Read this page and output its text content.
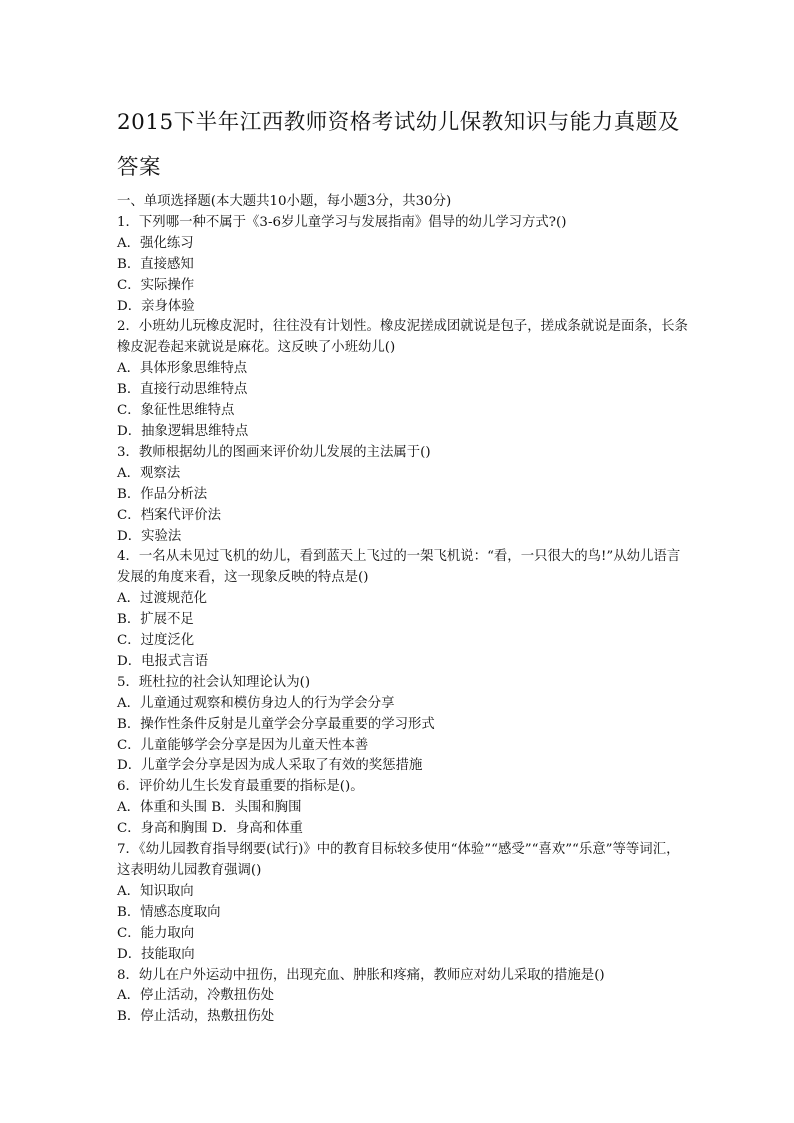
2015下半年江西教师资格考试幼儿保教知识与能力真题及
答案
一、单项选择题(本大题共10小题，每小题3分，共30分)
1．下列哪一种不属于《3-6岁儿童学习与发展指南》倡导的幼儿学习方式?()
A．强化练习
B．直接感知
C．实际操作
D．亲身体验
2．小班幼儿玩橡皮泥时，往往没有计划性。橡皮泥搓成团就说是包子，搓成条就说是面条，长条橡皮泥卷起来就说是麻花。这反映了小班幼儿()
A．具体形象思维特点
B．直接行动思维特点
C．象征性思维特点
D．抽象逻辑思维特点
3．教师根据幼儿的图画来评价幼儿发展的主法属于()
A．观察法
B．作品分析法
C．档案代评价法
D．实验法
4．一名从未见过飞机的幼儿，看到蓝天上飞过的一架飞机说：“看，一只很大的鸟!”从幼儿语言发展的角度来看，这一现象反映的特点是()
A．过渡规范化
B．扩展不足
C．过度泛化
D．电报式言语
5．班杜拉的社会认知理论认为()
A．儿童通过观察和模仿身边人的行为学会分享
B．操作性条件反射是儿童学会分享最重要的学习形式
C．儿童能够学会分享是因为儿童天性本善
D．儿童学会分享是因为成人采取了有效的奖惩措施
6．评价幼儿生长发育最重要的指标是()。
A．体重和头围 B．头围和胸围
C．身高和胸围 D．身高和体重
7．《幼儿园教育指导纲要(试行)》中的教育目标较多使用“体验”“感受”“喜欢”“乐意”等等词汇，这表明幼儿园教育强调()
A．知识取向
B．情感态度取向
C．能力取向
D．技能取向
8．幼儿在户外运动中扭伤，出现充血、肿胀和疼痛，教师应对幼儿采取的措施是()
A．停止活动，冷敷扭伤处
B．停止活动，热敷扭伤处
